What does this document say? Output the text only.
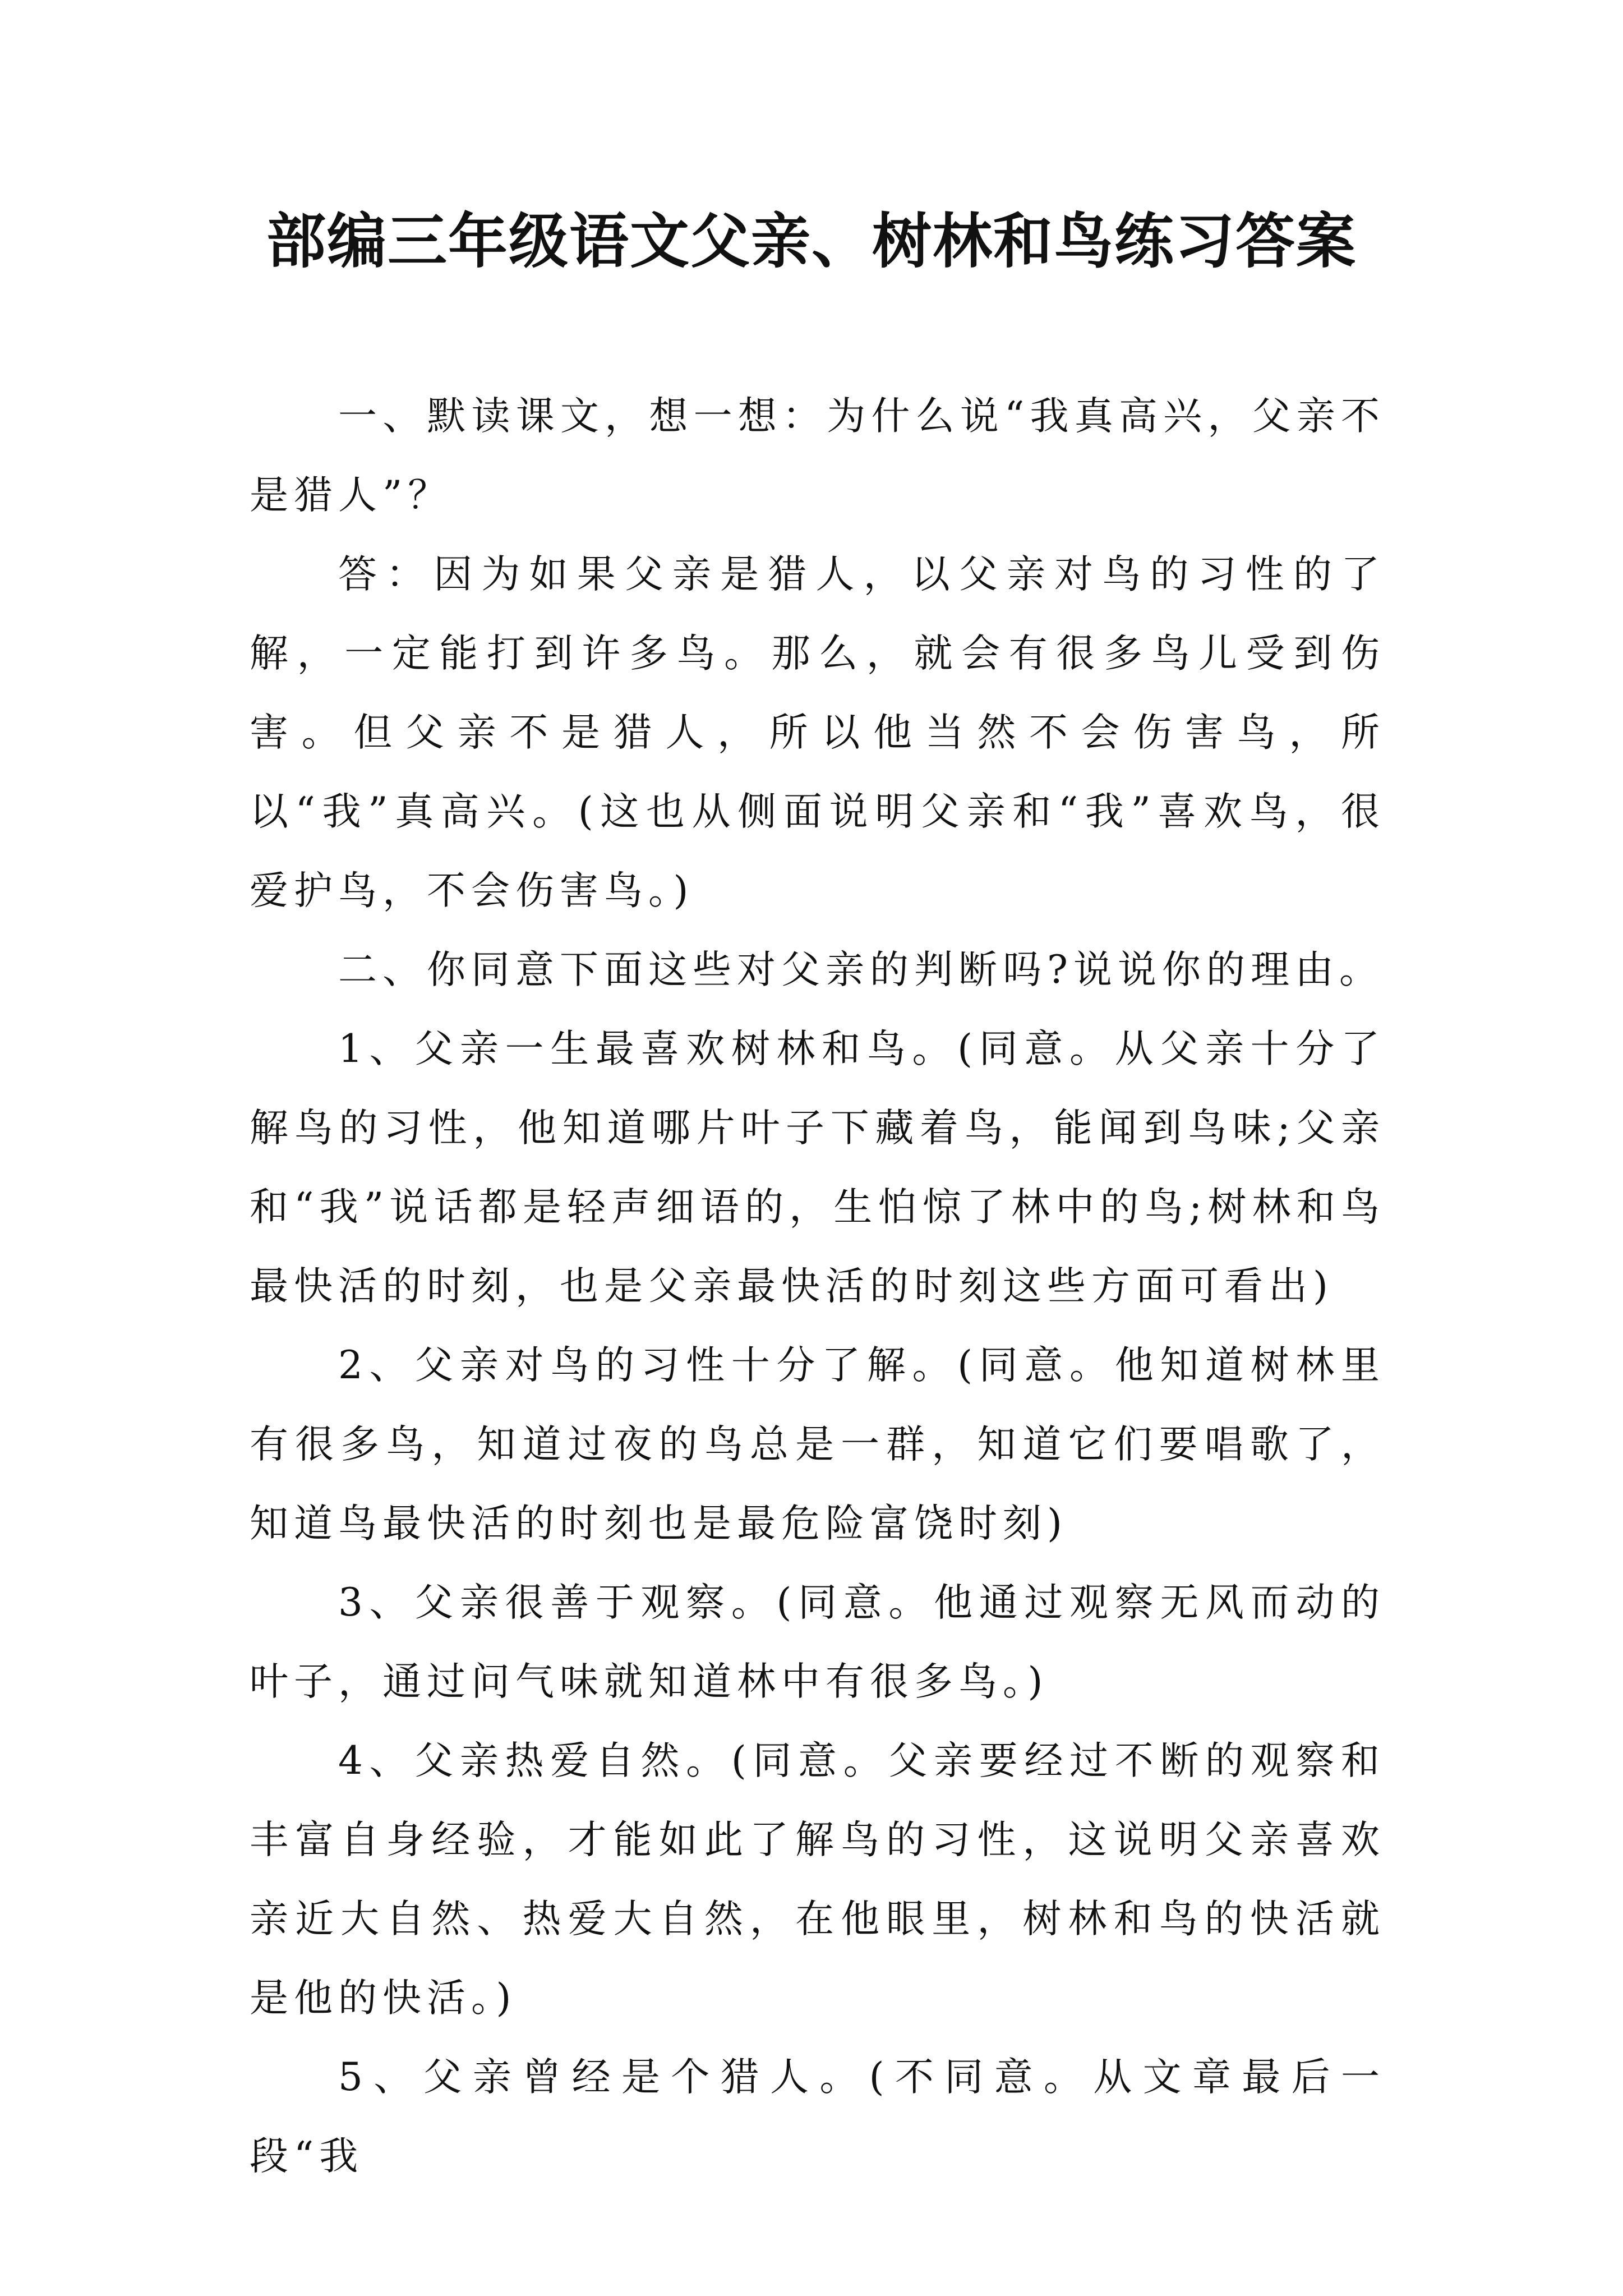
部编三年级语文父亲、树林和鸟练习答案

一、默读课文，想一想：为什么说“我真高兴，父亲不是猎人”？

答：因为如果父亲是猎人，以父亲对鸟的习性的了解，一定能打到许多鸟。那么，就会有很多鸟儿受到伤害。但父亲不是猎人，所以他当然不会伤害鸟，所以“我”真高兴。(这也从侧面说明父亲和“我”喜欢鸟，很爱护鸟，不会伤害鸟。)

二、你同意下面这些对父亲的判断吗?说说你的理由。

1、父亲一生最喜欢树林和鸟。(同意。从父亲十分了解鸟的习性，他知道哪片叶子下藏着鸟，能闻到鸟味;父亲和“我”说话都是轻声细语的，生怕惊了林中的鸟;树林和鸟最快活的时刻，也是父亲最快活的时刻这些方面可看出)

2、父亲对鸟的习性十分了解。(同意。他知道树林里有很多鸟，知道过夜的鸟总是一群，知道它们要唱歌了，知道鸟最快活的时刻也是最危险富饶时刻)

3、父亲很善于观察。(同意。他通过观察无风而动的叶子，通过问气味就知道林中有很多鸟。)

4、父亲热爱自然。(同意。父亲要经过不断的观察和丰富自身经验，才能如此了解鸟的习性，这说明父亲喜欢亲近大自然、热爱大自然，在他眼里，树林和鸟的快活就是他的快活。)

5、父亲曾经是个猎人。(不同意。从文章最后一段“我
